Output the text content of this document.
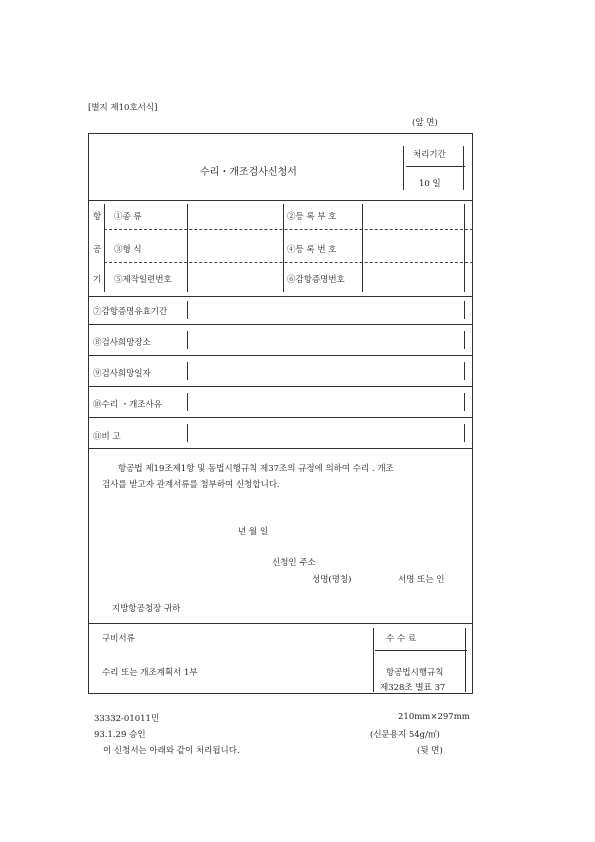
[별지 제10호서식]
(앞 면)
수리・개조검사신청서
처리기간
10 일
항
공
기
①종 류	②등 록 부 호
③형 식	④등 록 번 호
⑤제작일련번호	⑥감항증명번호
⑦감항증명유효기간
⑧검사희망장소
⑨검사희망일자
⑩수리 ・개조사유
⑪비 고
항공법 제19조제1항 및 동법시행규칙 제37조의 규정에 의하여 수리 . 개조
검사를 받고자 관계서류를 첨부하여 신청합니다.
년 월 일
신청인 주소
성명(명칭)	서명 또는 인
지방항공청장 귀하
구비서류
수리 또는 개조계획서 1부
수 수 료
항공법시행규칙
제328조 별표 37
33332-01011민	210mm×297mm
93.1.29 승인	(신문용지 54g/㎡)
이 신청서는 아래와 같이 처리됩니다.	(뒷 면)
